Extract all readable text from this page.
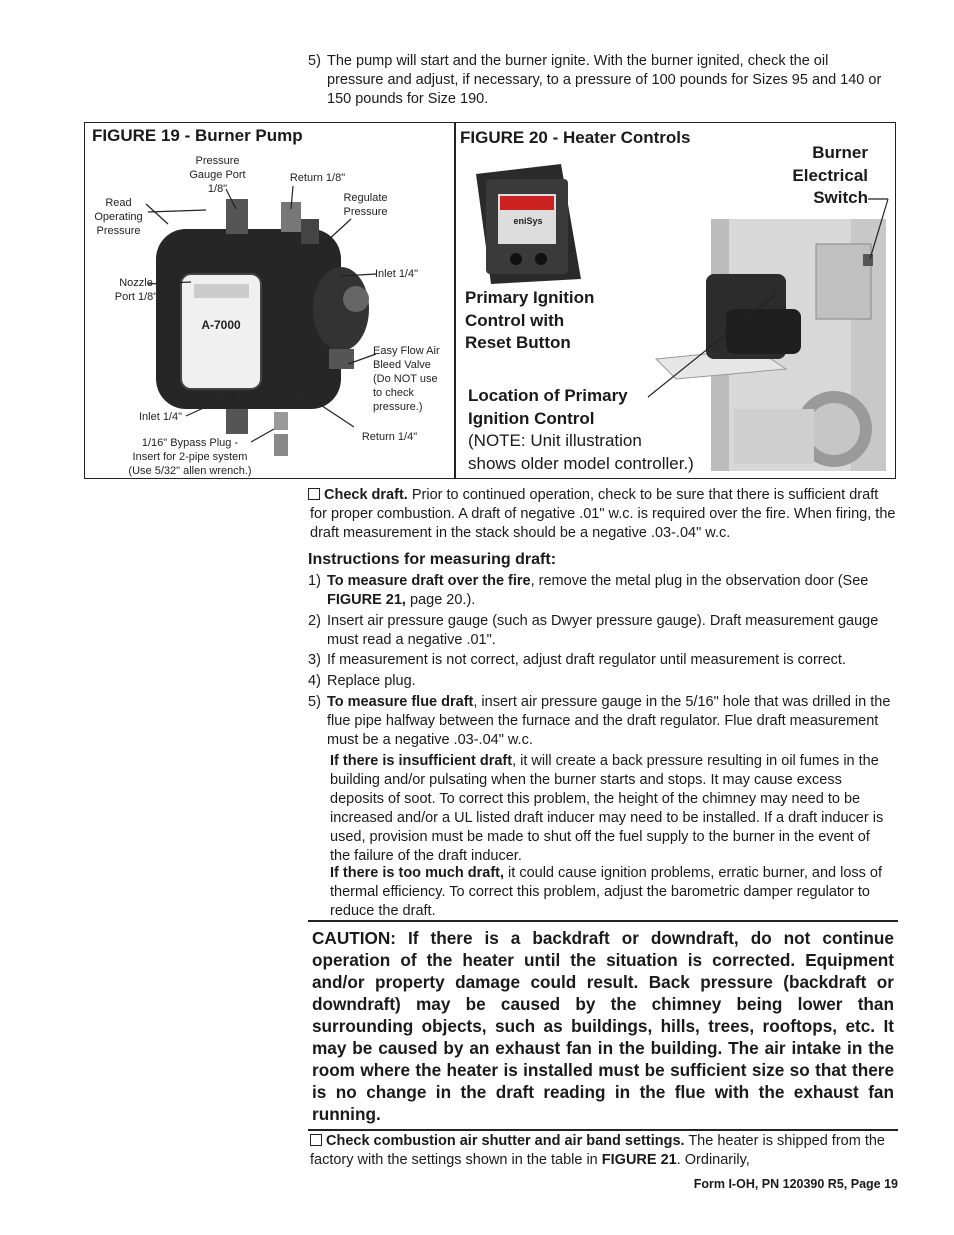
5) The pump will start and the burner ignite. With the burner ignited, check the oil pressure and adjust, if necessary, to a pressure of 100 pounds for Sizes 95 and 140 or 150 pounds for Size 190.
FIGURE 19 - Burner Pump
A-7000
Pressure
Gauge Port
1/8"
Return 1/8"
Regulate
Pressure
Read
Operating
Pressure
Inlet 1/4"
Nozzle
Port 1/8"
Easy Flow Air
Bleed Valve
(Do NOT use
to check
pressure.)
Inlet 1/4"
Return 1/4"
1/16" Bypass Plug -
Insert for 2-pipe system
(Use 5/32" allen wrench.)
FIGURE 20 - Heater Controls
eniSys
Burner
Electrical
Switch
Primary Ignition
Control with
Reset Button
Location of Primary
Ignition Control
(NOTE: Unit illustration
shows older model controller.)
Check draft. Prior to continued operation, check to be sure that there is sufficient draft for proper combustion. A draft of negative .01" w.c. is required over the fire. When firing, the draft measurement in the stack should be a negative .03-.04" w.c.
Instructions for measuring draft:
1) To measure draft over the fire, remove the metal plug in the observation door (See FIGURE 21, page 20.).
2) Insert air pressure gauge (such as Dwyer pressure gauge). Draft measurement gauge must read a negative .01".
3) If measurement is not correct, adjust draft regulator until measurement is correct.
4) Replace plug.
5) To measure flue draft, insert air pressure gauge in the 5/16" hole that was drilled in the flue pipe halfway between the furnace and the draft regulator. Flue draft measurement must be a negative .03-.04" w.c.
If there is insufficient draft, it will create a back pressure resulting in oil fumes in the building and/or pulsating when the burner starts and stops. It may cause excess deposits of soot. To correct this problem, the height of the chimney may need to be increased and/or a UL listed draft inducer may need to be installed. If a draft inducer is used, provision must be made to shut off the fuel supply to the burner in the event of the failure of the draft inducer.
If there is too much draft, it could cause ignition problems, erratic burner, and loss of thermal efficiency. To correct this problem, adjust the barometric damper regulator to reduce the draft.
CAUTION: If there is a backdraft or downdraft, do not continue operation of the heater until the situation is corrected. Equipment and/or property damage could result. Back pressure (backdraft or downdraft) may be caused by the chimney being lower than surrounding objects, such as buildings, hills, trees, rooftops, etc. It may be caused by an exhaust fan in the building. The air intake in the room where the heater is installed must be sufficient size so that there is no change in the draft reading in the flue with the exhaust fan running.
Check combustion air shutter and air band settings. The heater is shipped from the factory with the settings shown in the table in FIGURE 21. Ordinarily,
Form I-OH, PN 120390 R5, Page 19
